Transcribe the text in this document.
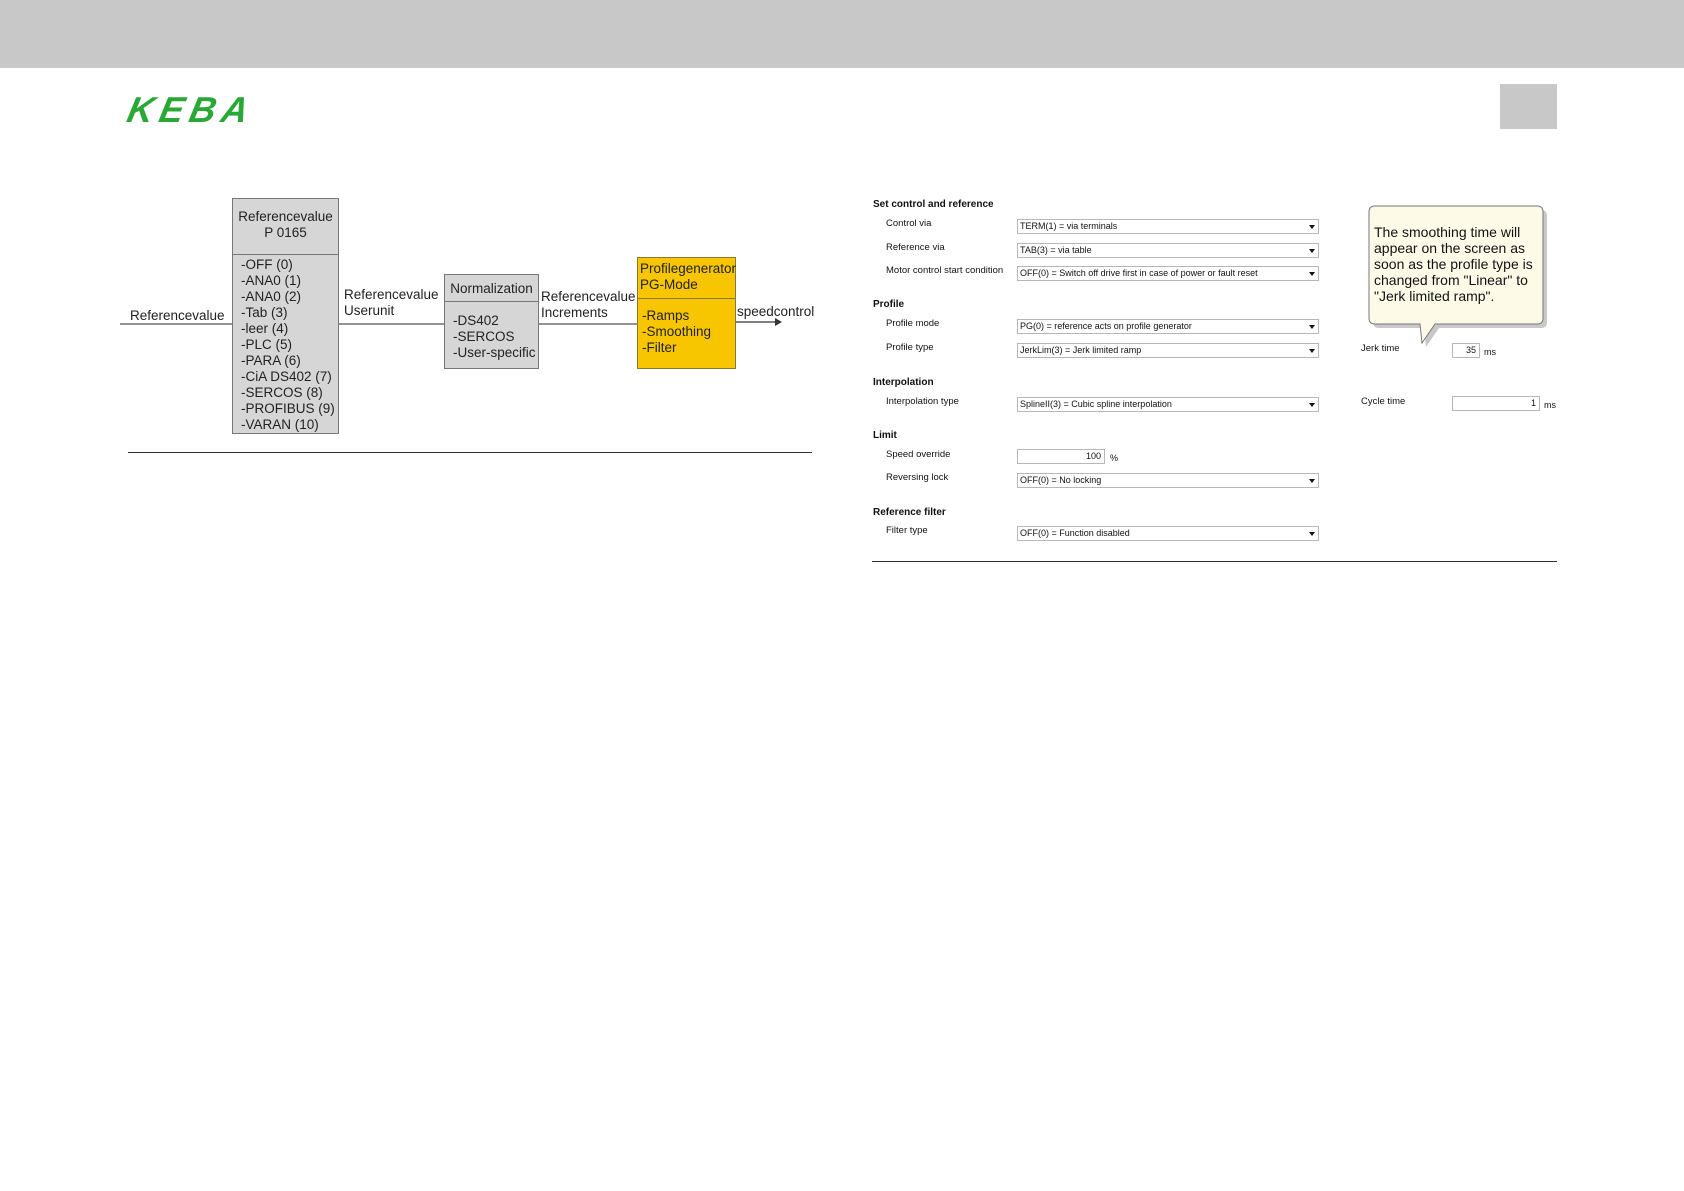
KEBA
Referencevalue
Referencevalue
P 0165
-OFF (0)
-ANA0 (1)
-ANA0 (2)
-Tab (3)
-leer (4)
-PLC (5)
-PARA (6)
-CiA DS402 (7)
-SERCOS (8)
-PROFIBUS (9)
-VARAN (10)
Referencevalue
Userunit
Normalization
-DS402
-SERCOS
-User-specific
Referencevalue
Increments
Profilegenerator
PG-Mode
-Ramps
-Smoothing
-Filter
speedcontrol
Set control and reference
Control via	TERM(1) = via terminals
Reference via	TAB(3) = via table
Motor control start condition	OFF(0) = Switch off drive first in case of power or fault reset
Profile
Profile mode	PG(0) = reference acts on profile generator
Profile type	JerkLim(3) = Jerk limited ramp	Jerk time	35 ms
Interpolation
Interpolation type	SplineII(3) = Cubic spline interpolation	Cycle time	1 ms
Limit
Speed override	100	%
Reversing lock	OFF(0) = No locking
Reference filter
Filter type	OFF(0) = Function disabled
The smoothing time will appear on the screen as soon as the profile type is changed from "Linear" to "Jerk limited ramp".
